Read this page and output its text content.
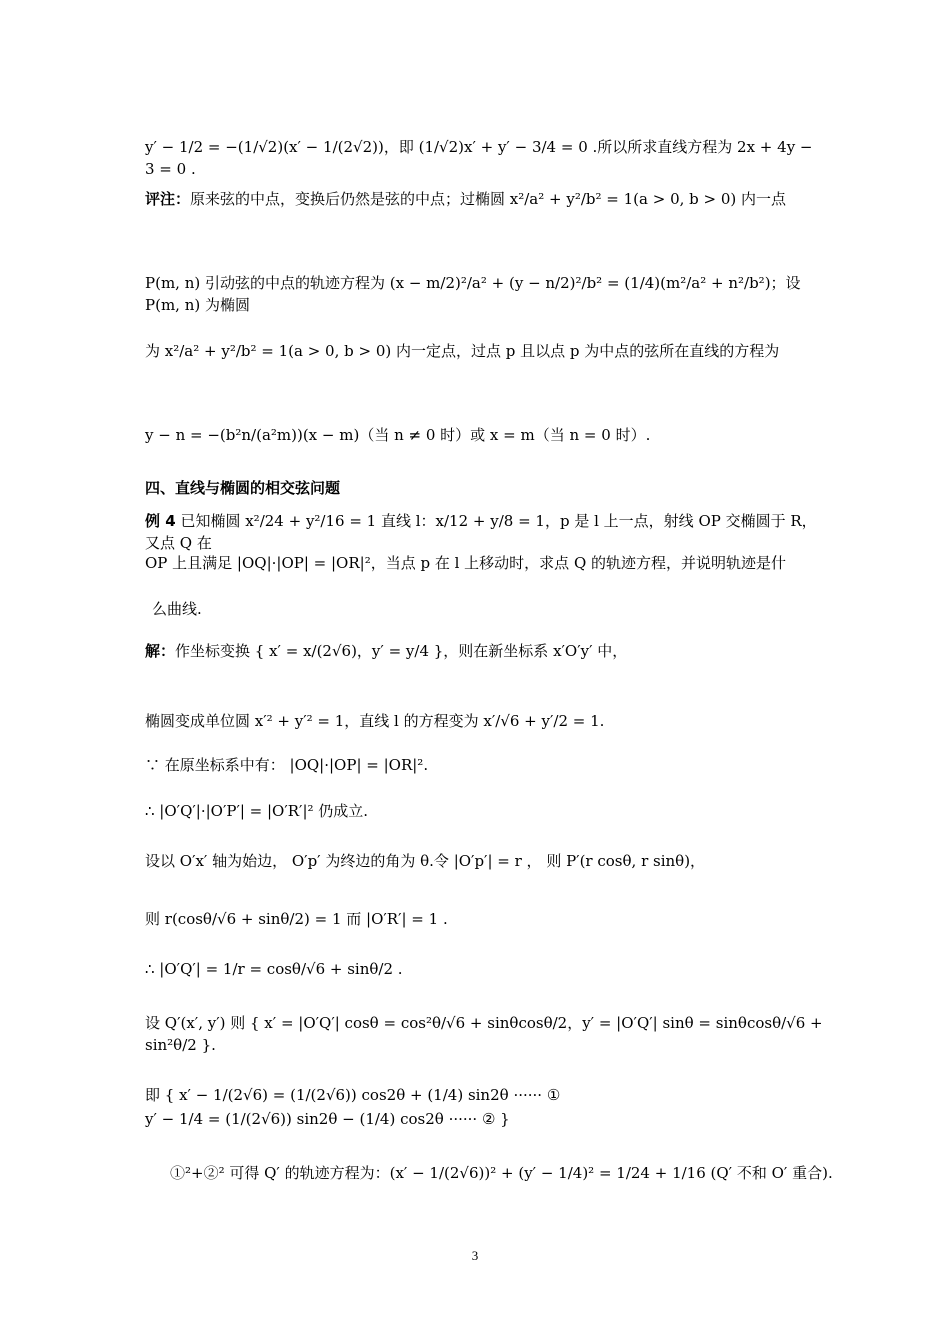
y′ − 1/2 = −(1/√2)(x′ − 1/(2√2))，即 (1/√2)x′ + y′ − 3/4 = 0 .所以所求直线方程为 2x + 4y − 3 = 0 .
评注：原来弦的中点，变换后仍然是弦的中点；过椭圆 x²/a² + y²/b² = 1(a > 0, b > 0) 内一点
P(m, n) 引动弦的中点的轨迹方程为 (x − m/2)²/a² + (y − n/2)²/b² = (1/4)(m²/a² + n²/b²)；设 P(m, n) 为椭圆
为 x²/a² + y²/b² = 1(a > 0, b > 0) 内一定点，过点 p 且以点 p 为中点的弦所在直线的方程为
y − n = −(b²n/(a²m))(x − m)（当 n ≠ 0 时）或 x = m（当 n = 0 时）.
四、直线与椭圆的相交弦问题
例 4 已知椭圆 x²/24 + y²/16 = 1 直线 l：x/12 + y/8 = 1，p 是 l 上一点，射线 OP 交椭圆于 R，又点 Q 在
OP 上且满足 |OQ|·|OP| = |OR|²，当点 p 在 l 上移动时，求点 Q 的轨迹方程，并说明轨迹是什
么曲线.
解：作坐标变换 { x′ = x/(2√6)，y′ = y/4 }，则在新坐标系 x′O′y′ 中，
椭圆变成单位圆 x′² + y′² = 1，直线 l 的方程变为 x′/√6 + y′/2 = 1.
∵ 在原坐标系中有： |OQ|·|OP| = |OR|².
∴ |O′Q′|·|O′P′| = |O′R′|² 仍成立.
设以 O′x′ 轴为始边， O′p′ 为终边的角为 θ.令 |O′p′| = r ， 则 P′(r cosθ, r sinθ)，
则 r(cosθ/√6 + sinθ/2) = 1 而 |O′R′| = 1 .
∴ |O′Q′| = 1/r = cosθ/√6 + sinθ/2 .
设 Q′(x′, y′) 则 { x′ = |O′Q′| cosθ = cos²θ/√6 + sinθcosθ/2，y′ = |O′Q′| sinθ = sinθcosθ/√6 + sin²θ/2 }.
即 { x′ − 1/(2√6) = (1/(2√6)) cos2θ + (1/4) sin2θ ······ ①
y′ − 1/4 = (1/(2√6)) sin2θ − (1/4) cos2θ ······ ② }
①²+②² 可得 Q′ 的轨迹方程为：(x′ − 1/(2√6))² + (y′ − 1/4)² = 1/24 + 1/16 (Q′ 不和 O′ 重合).
3
